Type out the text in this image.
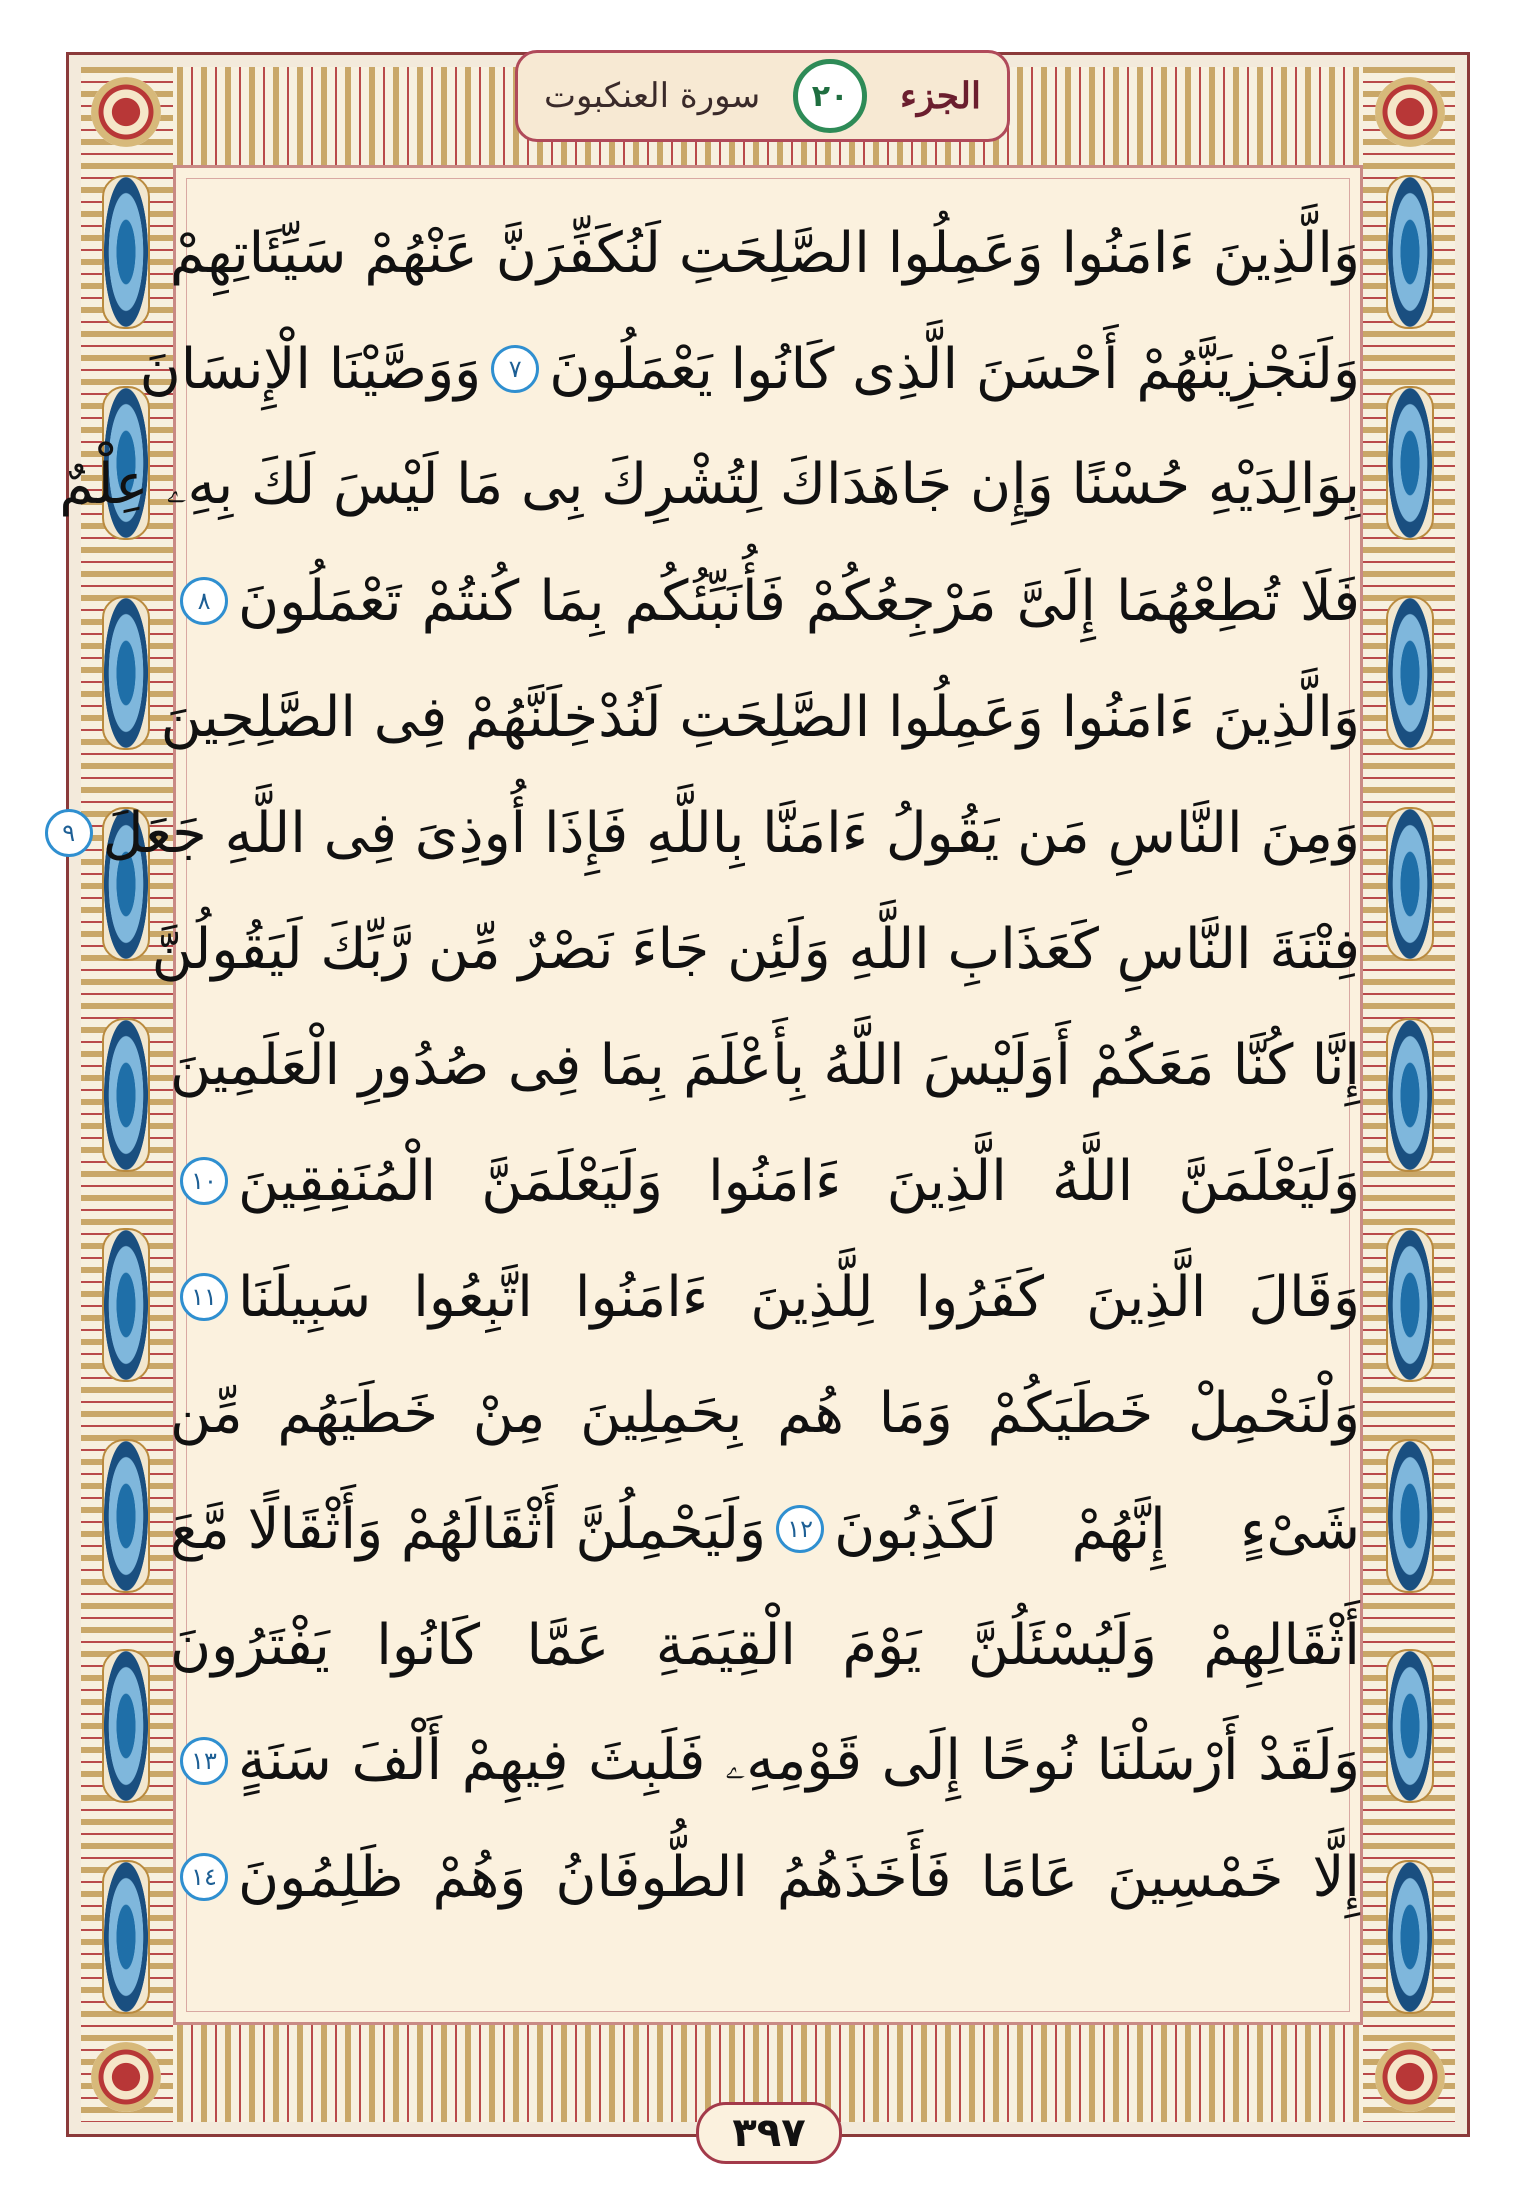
الجزء
٢٠
سورة العنكبوت
وَالَّذِينَ ءَامَنُوا وَعَمِلُوا الصَّلِحَتِ لَنُكَفِّرَنَّ عَنْهُمْ سَيِّئَاتِهِمْ
وَلَنَجْزِيَنَّهُمْ أَحْسَنَ الَّذِى كَانُوا يَعْمَلُونَ
٧
وَوَصَّيْنَا الْإِنسَانَ
بِوَالِدَيْهِ حُسْنًا وَإِن جَاهَدَاكَ لِتُشْرِكَ بِى مَا لَيْسَ لَكَ بِهِۦ عِلْمٌ
فَلَا تُطِعْهُمَا إِلَىَّ مَرْجِعُكُمْ فَأُنَبِّئُكُم بِمَا كُنتُمْ تَعْمَلُونَ
٨
وَالَّذِينَ ءَامَنُوا وَعَمِلُوا الصَّلِحَتِ لَنُدْخِلَنَّهُمْ فِى الصَّلِحِينَ
وَمِنَ النَّاسِ مَن يَقُولُ ءَامَنَّا بِاللَّهِ فَإِذَا أُوذِىَ فِى اللَّهِ جَعَلَ
٩
فِتْنَةَ النَّاسِ كَعَذَابِ اللَّهِ وَلَئِن جَاءَ نَصْرٌ مِّن رَّبِّكَ لَيَقُولُنَّ
إِنَّا كُنَّا مَعَكُمْ أَوَلَيْسَ اللَّهُ بِأَعْلَمَ بِمَا فِى صُدُورِ الْعَلَمِينَ
وَلَيَعْلَمَنَّ اللَّهُ الَّذِينَ ءَامَنُوا وَلَيَعْلَمَنَّ الْمُنَفِقِينَ
١٠
وَقَالَ الَّذِينَ كَفَرُوا لِلَّذِينَ ءَامَنُوا اتَّبِعُوا سَبِيلَنَا
١١
وَلْنَحْمِلْ خَطَيَكُمْ وَمَا هُم بِحَمِلِينَ مِنْ خَطَيَهُم مِّن
شَىْءٍ إِنَّهُمْ لَكَذِبُونَ
١٢
وَلَيَحْمِلُنَّ أَثْقَالَهُمْ وَأَثْقَالًا مَّعَ
أَثْقَالِهِمْ وَلَيُسْئَلُنَّ يَوْمَ الْقِيَمَةِ عَمَّا كَانُوا يَفْتَرُونَ
وَلَقَدْ أَرْسَلْنَا نُوحًا إِلَى قَوْمِهِۦ فَلَبِثَ فِيهِمْ أَلْفَ سَنَةٍ
١٣
إِلَّا خَمْسِينَ عَامًا فَأَخَذَهُمُ الطُّوفَانُ وَهُمْ ظَلِمُونَ
١٤
٣٩٧
